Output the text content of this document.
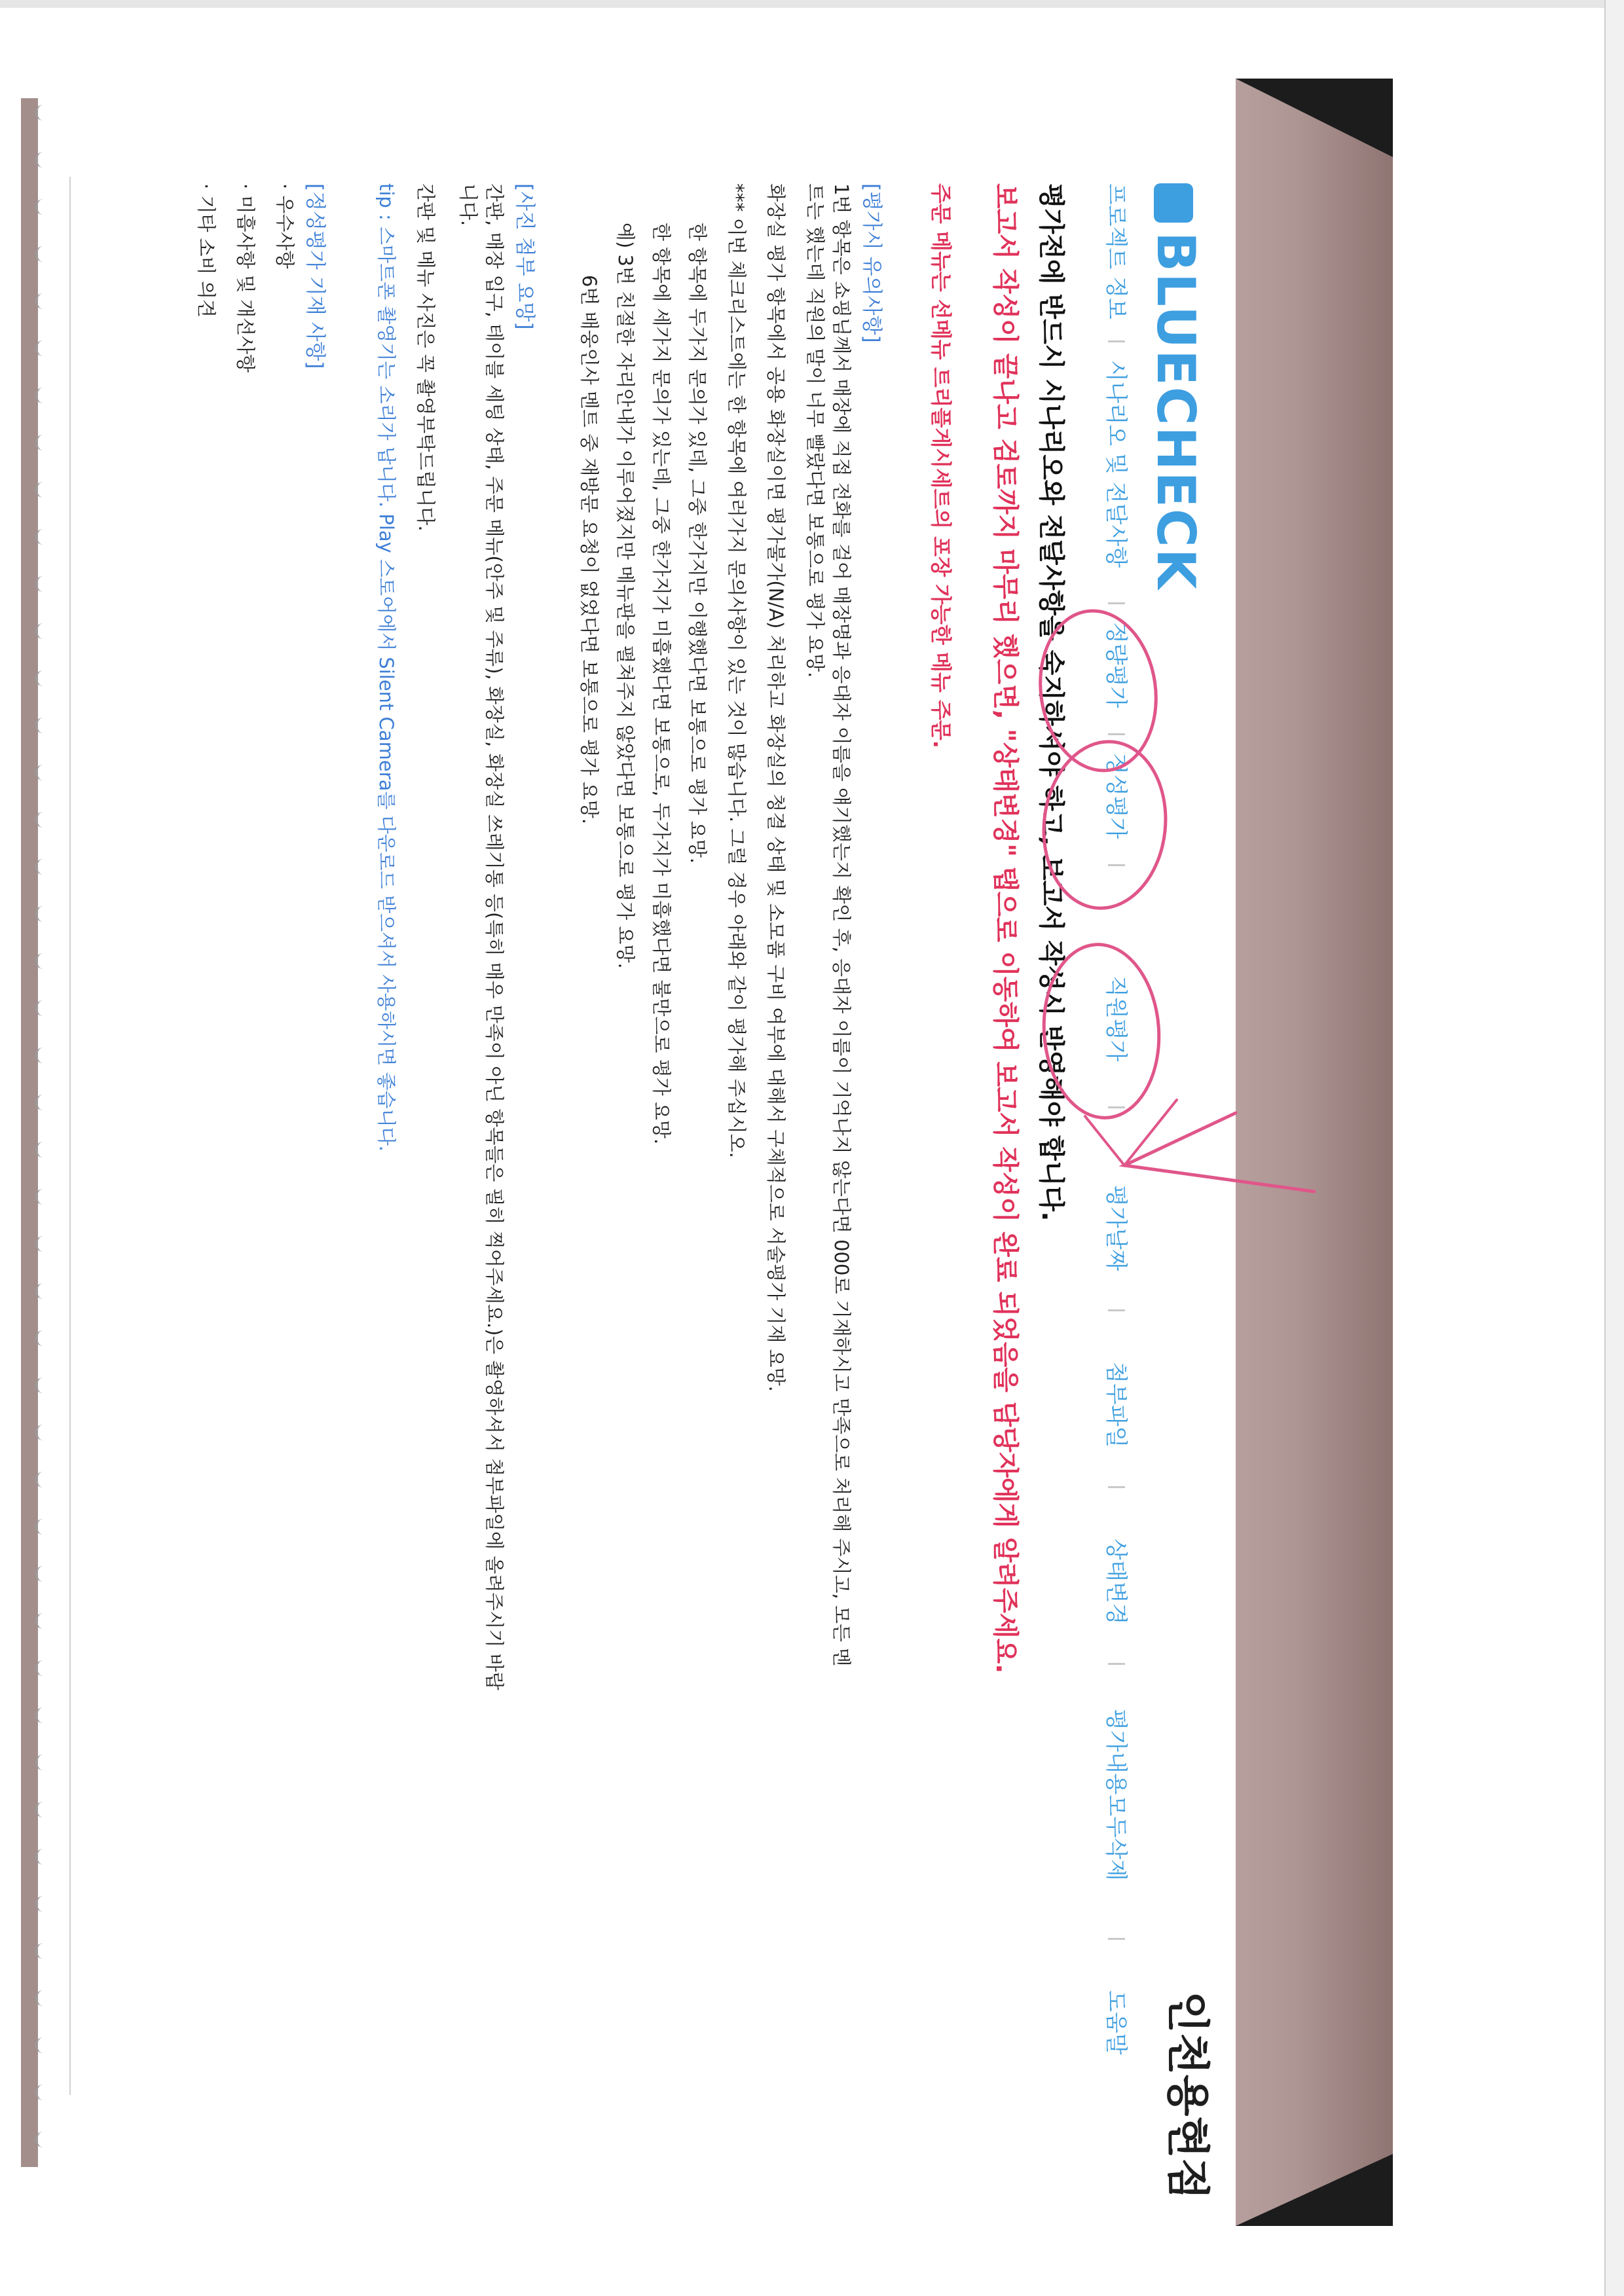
BLUECHECK
인천용현점
프로젝트 정보
시나리오 및 전달사항
정량평가
정성평가
직원평가
평가날짜
첨부파일
상태변경
평가내용모두삭제
도움말
평가전에 반드시 시나리오와 전달사항을 숙지하셔야 하고, 보고서 작성시 반영해야 합니다.
보고서 작성이 끝나고 검토까지 마무리 했으면, "상태변경" 탭으로 이동하여 보고서 작성이 완료 되었음을 담당자에게 알려주세요.
주문 메뉴는 선메뉴 트리플게시세트의 포장 가능한 메뉴 주문.
[평가시 유의사항]
1번 항목은 쇼핑님께서 매장에 직접 전화를 걸어 매장명과 응대자 이름을 얘기했는지 확인 후, 응대자 이름이 기억나지 않는다면 000로 기재하시고 만족으로 처리해 주시고, 모든 멘
트는 했는데 직원의 말이 너무 빨랐다면 보통으로 평가 요망.
화장실 평가 항목에서 공용 화장실이면 평가불가(N/A) 처리하고 화장실의 청결 상태 및 소모품 구비 여부에 대해서 구체적으로 서술평가 기재 요망.
*** 이번 체크리스트에는 한 항목에 여러가지 문의사항이 있는 것이 많습니다. 그럴 경우 아래와 같이 평가해 주십시오.
한 항목에 두가지 문의가 있데, 그중 한가지만 이행했다면 보통으로 평가 요망.
한 항목에 세가지 문의가 있는데, 그중 한가지가 미흡했다면 보통으로, 두가지가 미흡했다면 불만으로 평가 요망.
예) 3번 친절한 자리안내가 이루어졌지만 메뉴판을 펼쳐주지 않았다면 보통으로 평가 요망.
6번 배웅인사 멘트 중 재방문 요청이 없었다면 보통으로 평가 요망.
[사진 첨부 요망]
간판, 매장 입구, 테이블 세팅 상태, 주문 메뉴(안주 및 주류), 화장실, 화장실 쓰레기통 등(특히 매우 만족이 아닌 항목들은 필히 찍어주세요.)은 촬영하셔서 첨부파일에 올려주시기 바랍
니다.
간판 및 메뉴 사진은 꼭 촬영부탁드립니다.
tip : 스마트폰 촬영기는 소리가 납니다. Play 스토어에서 Silent Camera를 다운로드 받으셔서 사용하시면 좋습니다.
[정성평가 기재 사항]
· 우수사항
· 미흡사항 및 개선사항
· 기타 소비 의견
